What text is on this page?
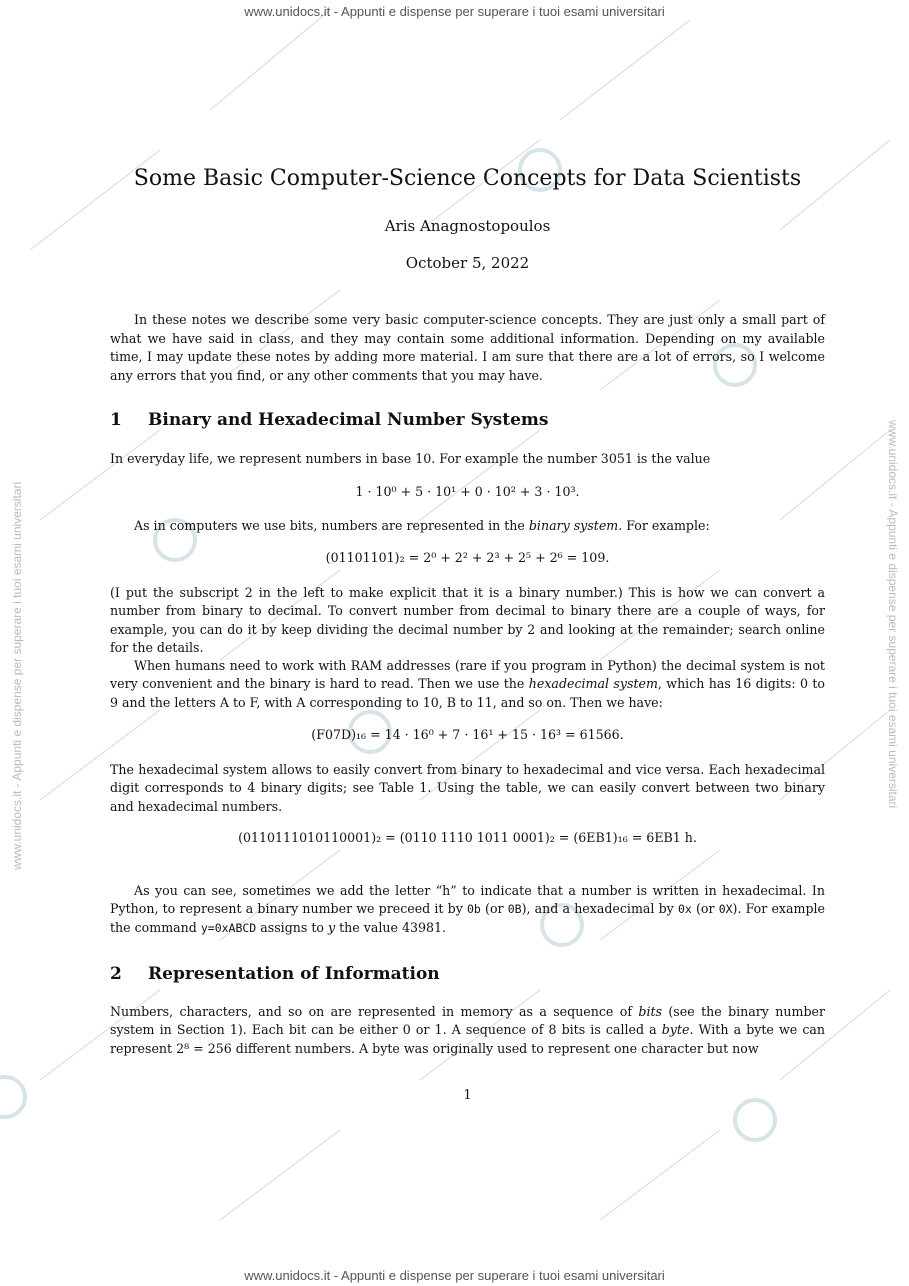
www.unidocs.it - Appunti e dispense per superare i tuoi esami universitari
www.unidocs.it - Appunti e dispense per superare i tuoi esami universitari
www.unidocs.it - Appunti e dispense per superare i tuoi esami universitari	www.unidocs.it - Appunti e dispense per superare i tuoi esami universitari
Some Basic Computer-Science Concepts for Data Scientists
Aris Anagnostopoulos
October 5, 2022
In these notes we describe some very basic computer-science concepts. They are just only a small part of what we have said in class, and they may contain some additional information. Depending on my available time, I may update these notes by adding more material. I am sure that there are a lot of errors, so I welcome any errors that you find, or any other comments that you may have.
1 Binary and Hexadecimal Number Systems

In everyday life, we represent numbers in base 10. For example the number 3051 is the value

1 · 10⁰ + 5 · 10¹ + 0 · 10² + 3 · 10³.

As in computers we use bits, numbers are represented in the binary system. For example:

(01101101)₂ = 2⁰ + 2² + 2³ + 2⁵ + 2⁶ = 109.

(I put the subscript 2 in the left to make explicit that it is a binary number.) This is how we can convert a number from binary to decimal. To convert number from decimal to binary there are a couple of ways, for example, you can do it by keep dividing the decimal number by 2 and looking at the remainder; search online for the details.

When humans need to work with RAM addresses (rare if you program in Python) the decimal system is not very convenient and the binary is hard to read. Then we use the hexadecimal system, which has 16 digits: 0 to 9 and the letters A to F, with A corresponding to 10, B to 11, and so on. Then we have:

(F07D)₁₆ = 14 · 16⁰ + 7 · 16¹ + 15 · 16³ = 61566.

The hexadecimal system allows to easily convert from binary to hexadecimal and vice versa. Each hexadecimal digit corresponds to 4 binary digits; see Table 1. Using the table, we can easily convert between two binary and hexadecimal numbers.

(0110111010110001)₂ = (0110 1110 1011 0001)₂ = (6EB1)₁₆ = 6EB1 h.

As you can see, sometimes we add the letter “h” to indicate that a number is written in hexadecimal. In Python, to represent a binary number we preceed it by 0b (or 0B), and a hexadecimal by 0x (or 0X). For example the command y=0xABCD assigns to y the value 43981.

2 Representation of Information

Numbers, characters, and so on are represented in memory as a sequence of bits (see the binary number system in Section 1). Each bit can be either 0 or 1. A sequence of 8 bits is called a byte. With a byte we can represent 2⁸ = 256 different numbers. A byte was originally used to represent one character but now

1
